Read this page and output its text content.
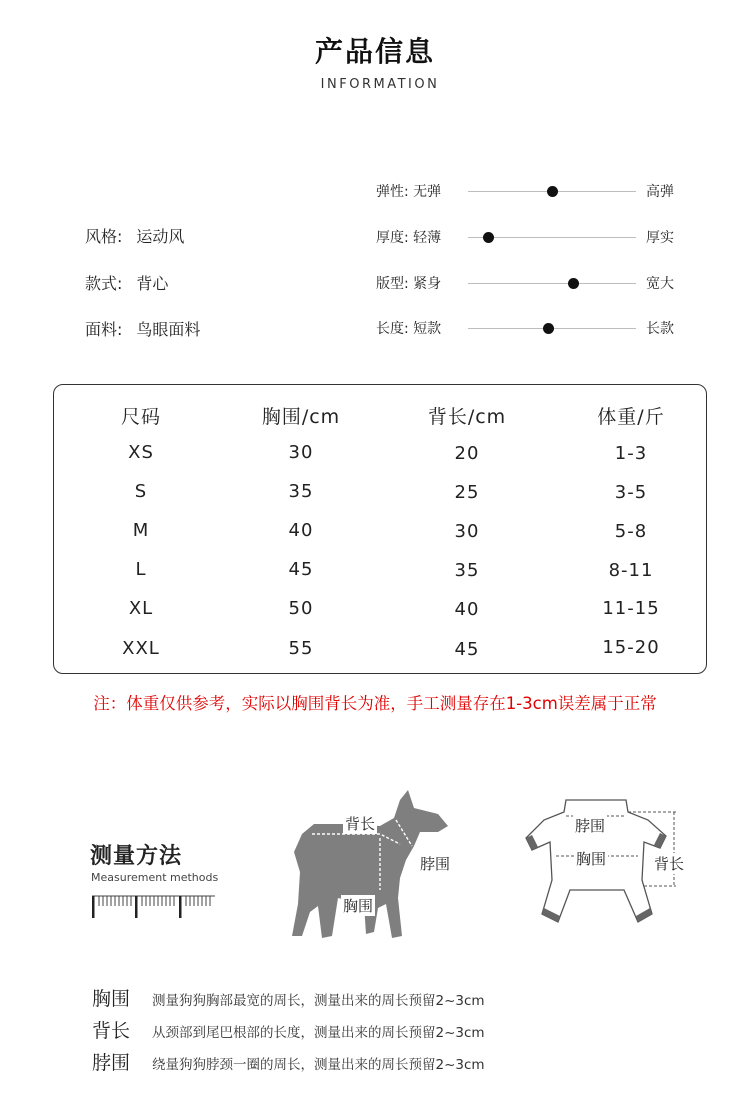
产品信息
INFORMATION
风格: 运动风
款式: 背心
面料: 鸟眼面料
弹性: 无弹	高弹
厚度: 轻薄	厚实
版型: 紧身	宽大
长度: 短款	长款
尺码	胸围/cm	背长/cm	体重/斤
XS	30	20	1-3
S	35	25	3-5
M	40	30	5-8
L	45	35	8-11
XL	50	40	11-15
XXL	55	45	15-20
注：体重仅供参考，实际以胸围背长为准，手工测量存在1-3cm误差属于正常
测量方法
Measurement methods
背长
脖围
胸围
脖围
胸围	背长
胸围 测量狗狗胸部最宽的周长，测量出来的周长预留2~3cm
背长 从颈部到尾巴根部的长度，测量出来的周长预留2~3cm
脖围 绕量狗狗脖颈一圈的周长，测量出来的周长预留2~3cm
